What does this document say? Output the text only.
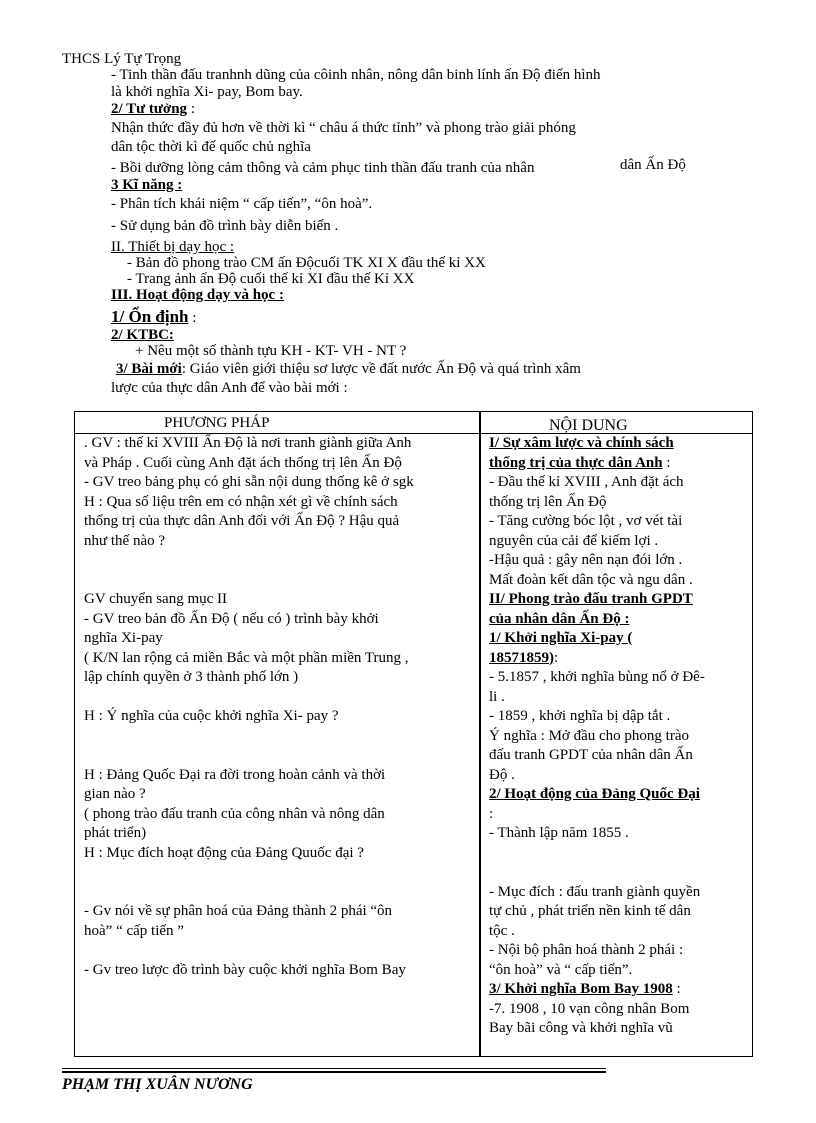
THCS Lý Tự Trọng
- Tinh thần đấu tranhnh dũng của côinh nhân, nông dân binh lính ấn Độ điển hình
là khởi nghĩa Xi- pay, Bom bay.
2/ Tư tưởng :
Nhận thức đầy đủ hơn về thời kì “ châu á thức tỉnh” và phong trào giải phóng
dân tộc thời kì đế quốc chủ nghĩa
- Bồi dưỡng lòng cảm thông và cảm phục tinh thần đấu tranh của nhân	dân Ấn Độ
3 Kĩ năng :
- Phân tích khái niệm “ cấp tiến”, “ôn hoà”.
- Sử dụng bản đồ trình bày diễn biến .
II. Thiết bị dạy học :
- Bản đồ phong trào CM ấn Độcuối TK XI X đầu thế kỉ XX
- Trang ảnh ấn Độ cuối thế kỉ XI đầu thế Kỉ XX
III. Hoạt động dạy và học :
1/ Ổn định :
2/ KTBC:
+ Nêu một số thành tựu KH - KT- VH - NT ?
3/ Bài mới: Giáo viên giới thiệu sơ lược về đất nước Ấn Độ và quá trình xâm
lược của thực dân Anh để vào bài mới :
PHƯƠNG PHÁP	NỘI DUNG

. GV : thế kỉ XVIII Ấn Độ là nơi tranh giành giữa Anh

và Pháp . Cuối cùng Anh đặt ách thống trị lên Ấn Độ

- GV treo bảng phụ có ghi sẵn nội dung thống kê ở sgk

H : Qua số liệu trên em có nhận xét gì về chính sách

thống trị của thực dân Anh đối với Ấn Độ ? Hậu quả

như thế nào ?

GV chuyển sang mục II

- GV treo bản đồ Ấn Độ ( nếu có ) trình bày khởi

nghĩa Xi-pay

( K/N lan rộng cả miền Bắc và một phần miền Trung ,

lập chính quyền ở 3 thành phố lớn )

H : Ý nghĩa của cuộc khởi nghĩa Xi- pay ?

H : Đảng Quốc Đại ra đời trong hoàn cảnh và thời

gian nào ?

( phong trào đấu tranh của công nhân và nông dân

phát triển)

H : Mục đích hoạt động của Đảng Quuốc đại ?

- Gv nói về sự phân hoá của Đảng thành 2 phái “ôn

hoà” “ cấp tiến ”

- Gv treo lược đồ trình bày cuộc khởi nghĩa Bom Bay

I/ Sự xâm lược và chính sách

thống trị của thực dân Anh :

- Đầu thế kỉ XVIII , Anh đặt ách

thống trị lên Ấn Độ

- Tăng cường bóc lột , vơ vét tài

nguyên của cải để kiếm lợi .

-Hậu quả : gây nên nạn đói lớn .

Mất đoàn kết dân tộc và ngu dân .

II/ Phong trào đấu tranh GPDT

của nhân dân Ấn Độ :

1/ Khởi nghĩa Xi-pay (

18571859):

- 5.1857 , khởi nghĩa bùng nổ ở Đê-

li .

- 1859 , khởi nghĩa bị dập tắt .

Ý nghĩa : Mở đầu cho phong trào

đấu tranh GPDT của nhân dân Ấn

Độ .

2/ Hoạt động của Đảng Quốc Đại

:

- Thành lập năm 1855 .

- Mục đích : đấu tranh giành quyền

tự chủ , phát triển nền kinh tế dân

tộc .

- Nội bộ phân hoá thành 2 phái :

“ôn hoà” và “ cấp tiến”.

3/ Khởi nghĩa Bom Bay 1908 :

-7. 1908 , 10 vạn công nhân Bom

Bay bãi công và khởi nghĩa vũ

PHẠM THỊ XUÂN NƯƠNG
